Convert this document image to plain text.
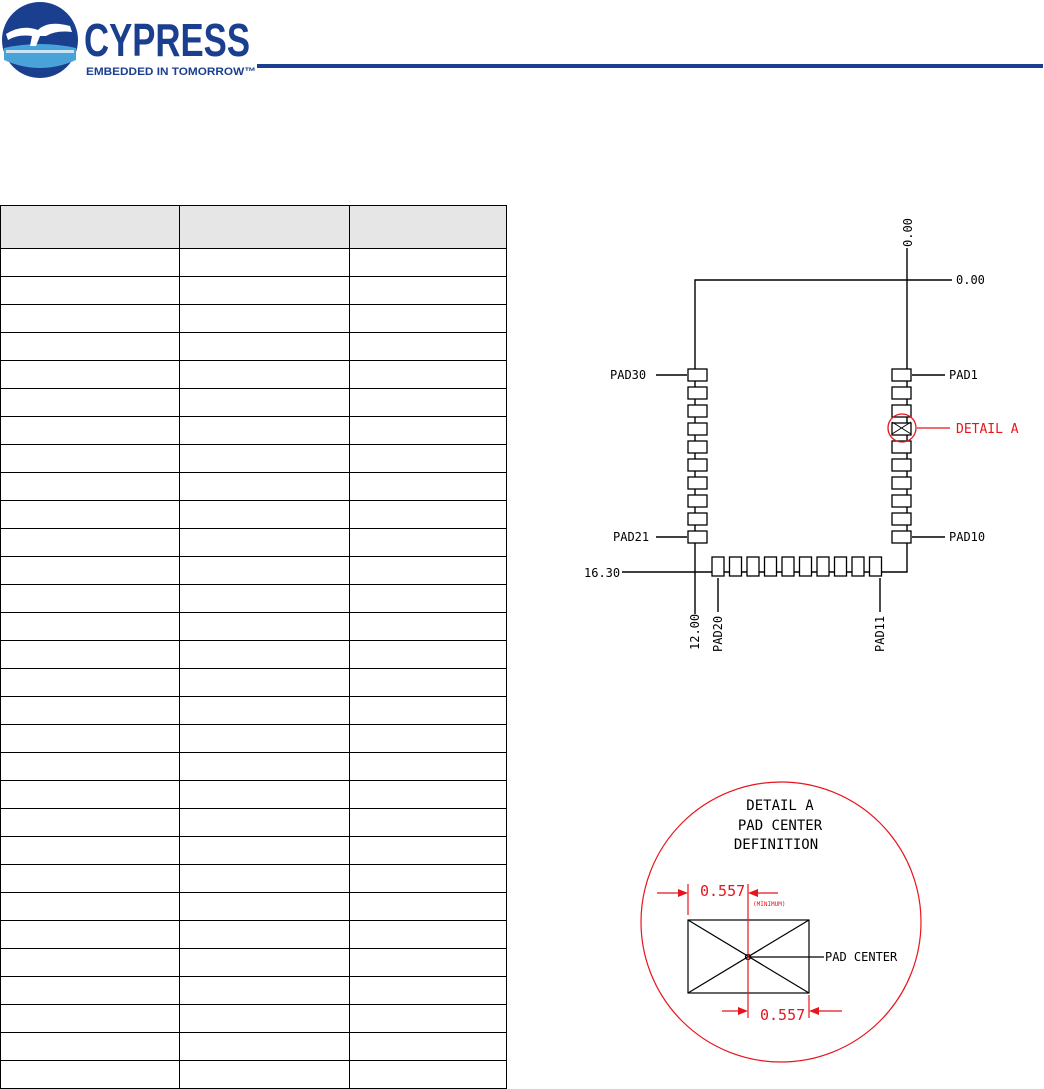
CYPRESS
EMBEDDED IN TOMORROW™

0.00
0.00
PAD30	PAD1
DETAIL A
PAD21	PAD10
16.30
12.00 PAD20	PAD11
DETAIL A
PAD CENTER
DEFINITION
0.557
(MINIMUM)
0.557
PAD CENTER
